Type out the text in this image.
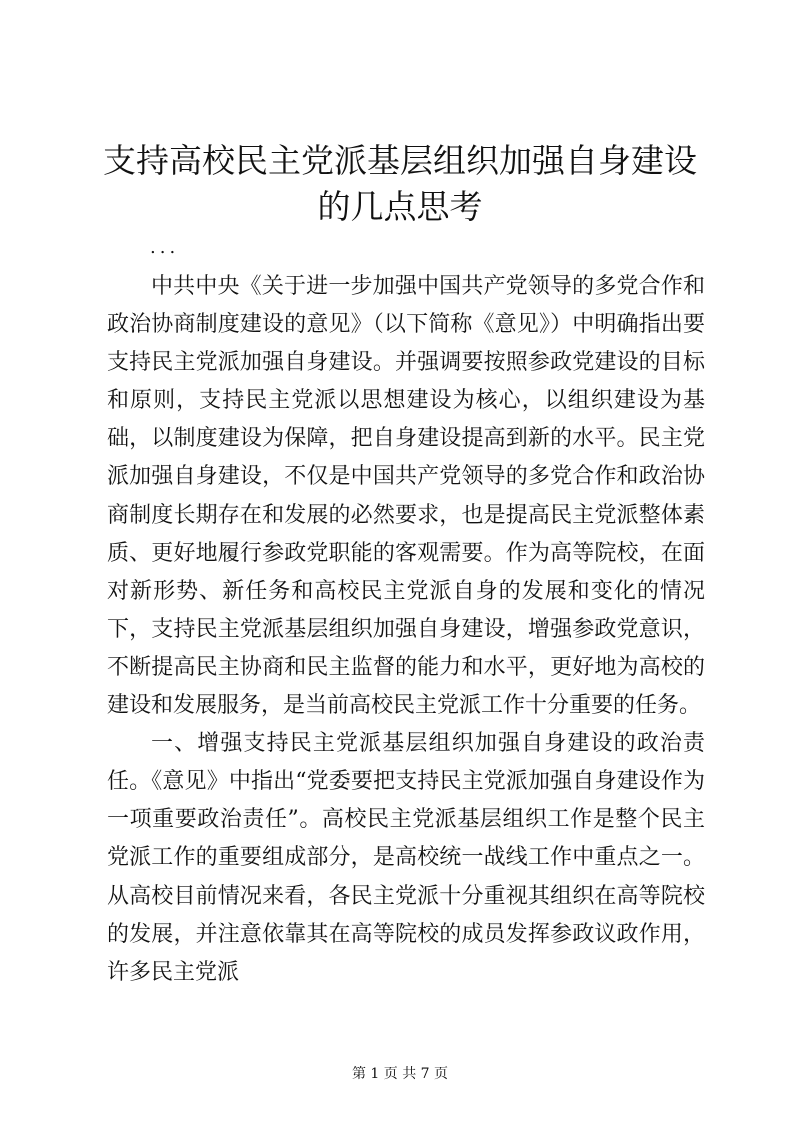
支持高校民主党派基层组织加强自身建设的几点思考
...

中共中央《关于进一步加强中国共产党领导的多党合作和政治协商制度建设的意见》（以下简称《意见》）中明确指出要支持民主党派加强自身建设。并强调要按照参政党建设的目标和原则，支持民主党派以思想建设为核心，以组织建设为基础，以制度建设为保障，把自身建设提高到新的水平。民主党派加强自身建设，不仅是中国共产党领导的多党合作和政治协商制度长期存在和发展的必然要求，也是提高民主党派整体素质、更好地履行参政党职能的客观需要。作为高等院校，在面对新形势、新任务和高校民主党派自身的发展和变化的情况下，支持民主党派基层组织加强自身建设，增强参政党意识，不断提高民主协商和民主监督的能力和水平，更好地为高校的建设和发展服务，是当前高校民主党派工作十分重要的任务。

一、增强支持民主党派基层组织加强自身建设的政治责任。《意见》中指出“党委要把支持民主党派加强自身建设作为一项重要政治责任”。高校民主党派基层组织工作是整个民主党派工作的重要组成部分，是高校统一战线工作中重点之一。从高校目前情况来看，各民主党派十分重视其组织在高等院校的发展，并注意依靠其在高等院校的成员发挥参政议政作用，许多民主党派

第 1 页 共 7 页
